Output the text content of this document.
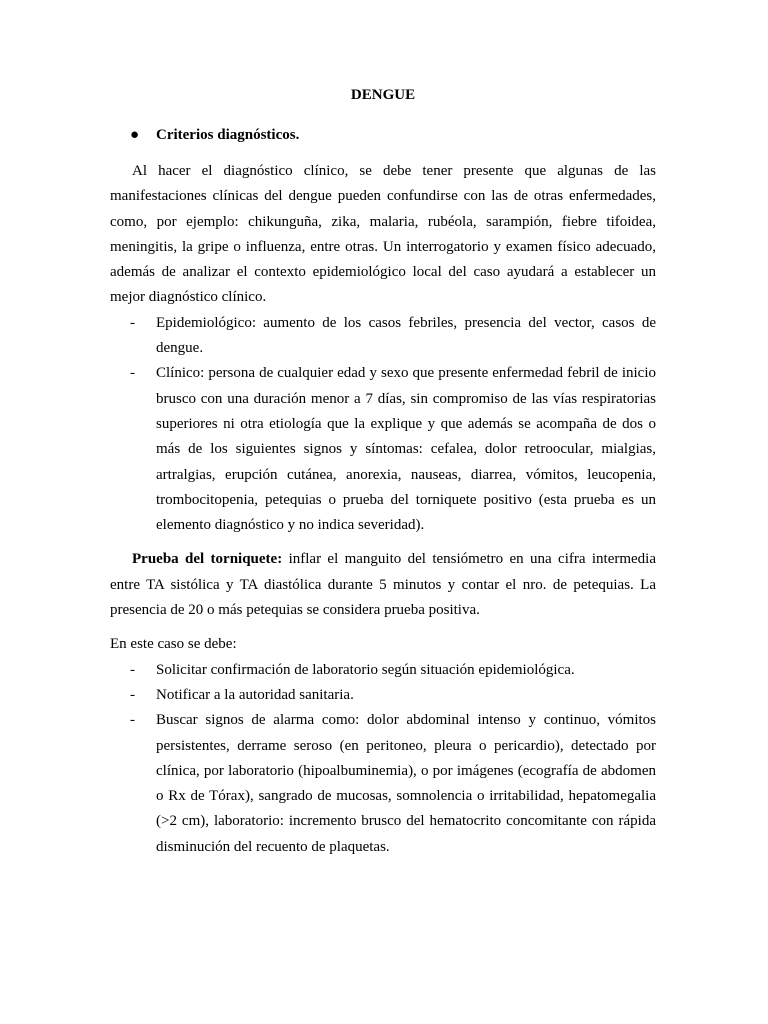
DENGUE
● Criterios diagnósticos.

Al hacer el diagnóstico clínico, se debe tener presente que algunas de las manifestaciones clínicas del dengue pueden confundirse con las de otras enfermedades, como, por ejemplo: chikunguña, zika, malaria, rubéola, sarampión, fiebre tifoidea, meningitis, la gripe o influenza, entre otras. Un interrogatorio y examen físico adecuado, además de analizar el contexto epidemiológico local del caso ayudará a establecer un mejor diagnóstico clínico.

- Epidemiológico: aumento de los casos febriles, presencia del vector, casos de dengue.
- Clínico: persona de cualquier edad y sexo que presente enfermedad febril de inicio brusco con una duración menor a 7 días, sin compromiso de las vías respiratorias superiores ni otra etiología que la explique y que además se acompaña de dos o más de los siguientes signos y síntomas: cefalea, dolor retroocular, mialgias, artralgias, erupción cutánea, anorexia, nauseas, diarrea, vómitos, leucopenia, trombocitopenia, petequias o prueba del torniquete positivo (esta prueba es un elemento diagnóstico y no indica severidad).

Prueba del torniquete: inflar el manguito del tensiómetro en una cifra intermedia entre TA sistólica y TA diastólica durante 5 minutos y contar el nro. de petequias. La presencia de 20 o más petequias se considera prueba positiva.

En este caso se debe:

- Solicitar confirmación de laboratorio según situación epidemiológica.
- Notificar a la autoridad sanitaria.
- Buscar signos de alarma como: dolor abdominal intenso y continuo, vómitos persistentes, derrame seroso (en peritoneo, pleura o pericardio), detectado por clínica, por laboratorio (hipoalbuminemia), o por imágenes (ecografía de abdomen o Rx de Tórax), sangrado de mucosas, somnolencia o irritabilidad, hepatomegalia (>2 cm), laboratorio: incremento brusco del hematocrito concomitante con rápida disminución del recuento de plaquetas.
